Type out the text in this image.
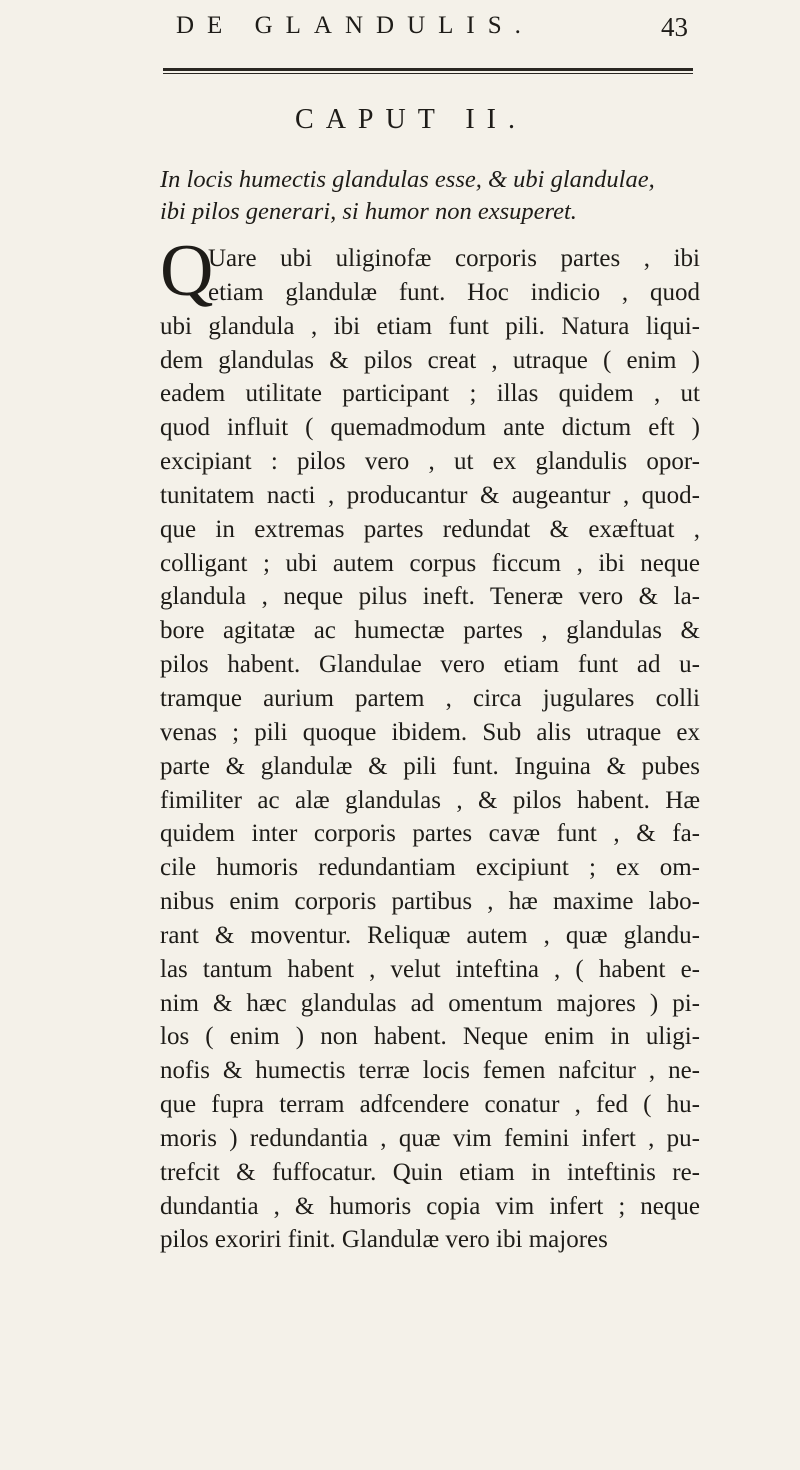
DE GLANDULIS.	43
CAPUT II.
In locis humectis glandulas esse, & ubi glandulae,
ibi pilos generari, si humor non exsuperet.
Q
Uare ubi uliginofæ corporis partes , ibi
etiam glandulæ funt. Hoc indicio , quod
ubi glandula , ibi etiam funt pili. Natura liqui-
dem glandulas & pilos creat , utraque ( enim )
eadem utilitate participant ; illas quidem , ut
quod influit ( quemadmodum ante dictum eft )
excipiant : pilos vero , ut ex glandulis opor-
tunitatem nacti , producantur & augeantur , quod-
que in extremas partes redundat & exæftuat ,
colligant ; ubi autem corpus ficcum , ibi neque
glandula , neque pilus ineft. Teneræ vero & la-
bore agitatæ ac humectæ partes , glandulas &
pilos habent. Glandulae vero etiam funt ad u-
tramque aurium partem , circa jugulares colli
venas ; pili quoque ibidem. Sub alis utraque ex
parte & glandulæ & pili funt. Inguina & pubes
fimiliter ac alæ glandulas , & pilos habent. Hæ
quidem inter corporis partes cavæ funt , & fa-
cile humoris redundantiam excipiunt ; ex om-
nibus enim corporis partibus , hæ maxime labo-
rant & moventur. Reliquæ autem , quæ glandu-
las tantum habent , velut inteftina , ( habent e-
nim & hæc glandulas ad omentum majores ) pi-
los ( enim ) non habent. Neque enim in uligi-
nofis & humectis terræ locis femen nafcitur , ne-
que fupra terram adfcendere conatur , fed ( hu-
moris ) redundantia , quæ vim femini infert , pu-
trefcit & fuffocatur. Quin etiam in inteftinis re-
dundantia , & humoris copia vim infert ; neque
pilos exoriri finit. Glandulæ vero ibi majores
